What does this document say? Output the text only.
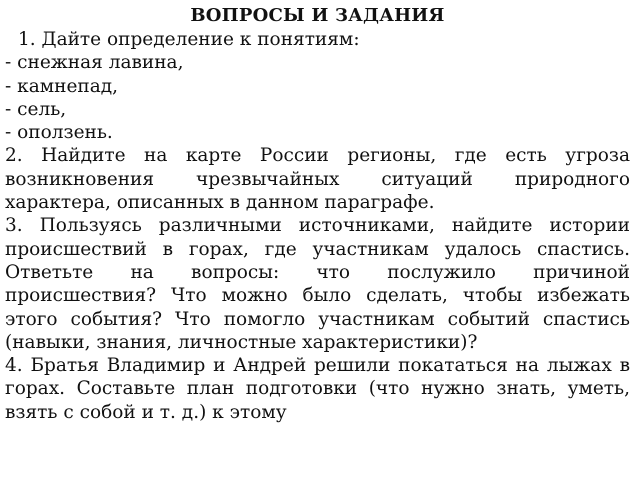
ВОПРОСЫ И ЗАДАНИЯ
1. Дайте определение к понятиям:
- снежная лавина,
- камнепад,
- сель,
- оползень.

2. Найдите на карте России регионы, где есть угроза возникновения чрезвычайных ситуаций природного характера, описанных в данном параграфе.

3. Пользуясь различными источниками, найдите истории происшествий в горах, где участникам удалось спастись. Ответьте на вопросы: что послужило причиной происшествия? Что можно было сделать, чтобы избежать этого события? Что помогло участникам событий спастись (навыки, знания, личностные характеристики)?

4. Братья Владимир и Андрей решили покататься на лыжах в горах. Составьте план подготовки (что нужно знать, уметь, взять с собой и т. д.) к этому
